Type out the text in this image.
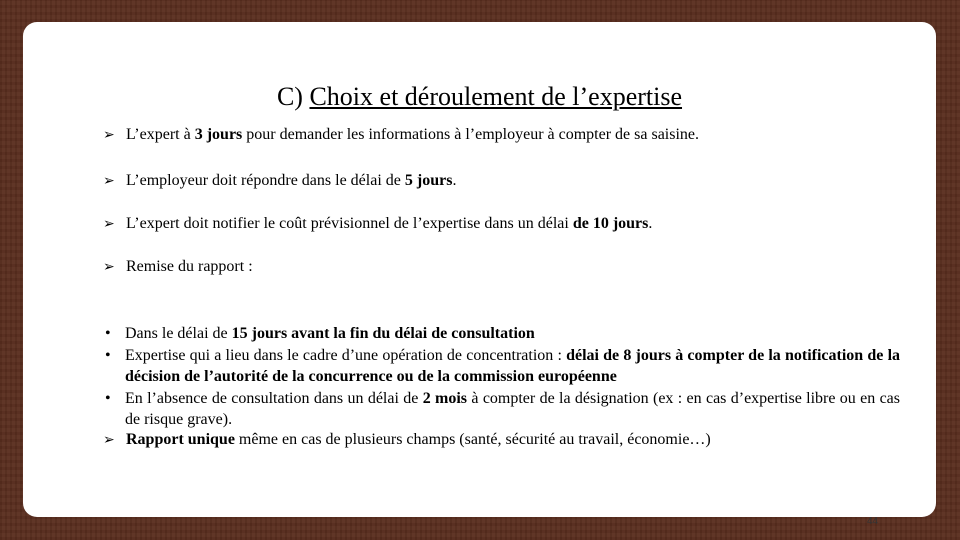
C) Choix et déroulement de l’expertise
➢ L’expert à 3 jours pour demander les informations à l’employeur à compter de sa saisine.
➢ L’employeur doit répondre dans le délai de 5 jours.
➢ L’expert doit notifier le coût prévisionnel de l’expertise dans un délai de 10 jours.
➢ Remise du rapport :
• Dans le délai de 15 jours avant la fin du délai de consultation
• Expertise qui a lieu dans le cadre d’une opération de concentration : délai de 8 jours à compter de la notification de la décision de l’autorité de la concurrence ou de la commission européenne
• En l’absence de consultation dans un délai de 2 mois à compter de la désignation (ex : en cas d’expertise libre ou en cas de risque grave).
➢ Rapport unique même en cas de plusieurs champs (santé, sécurité au travail, économie…)
44
